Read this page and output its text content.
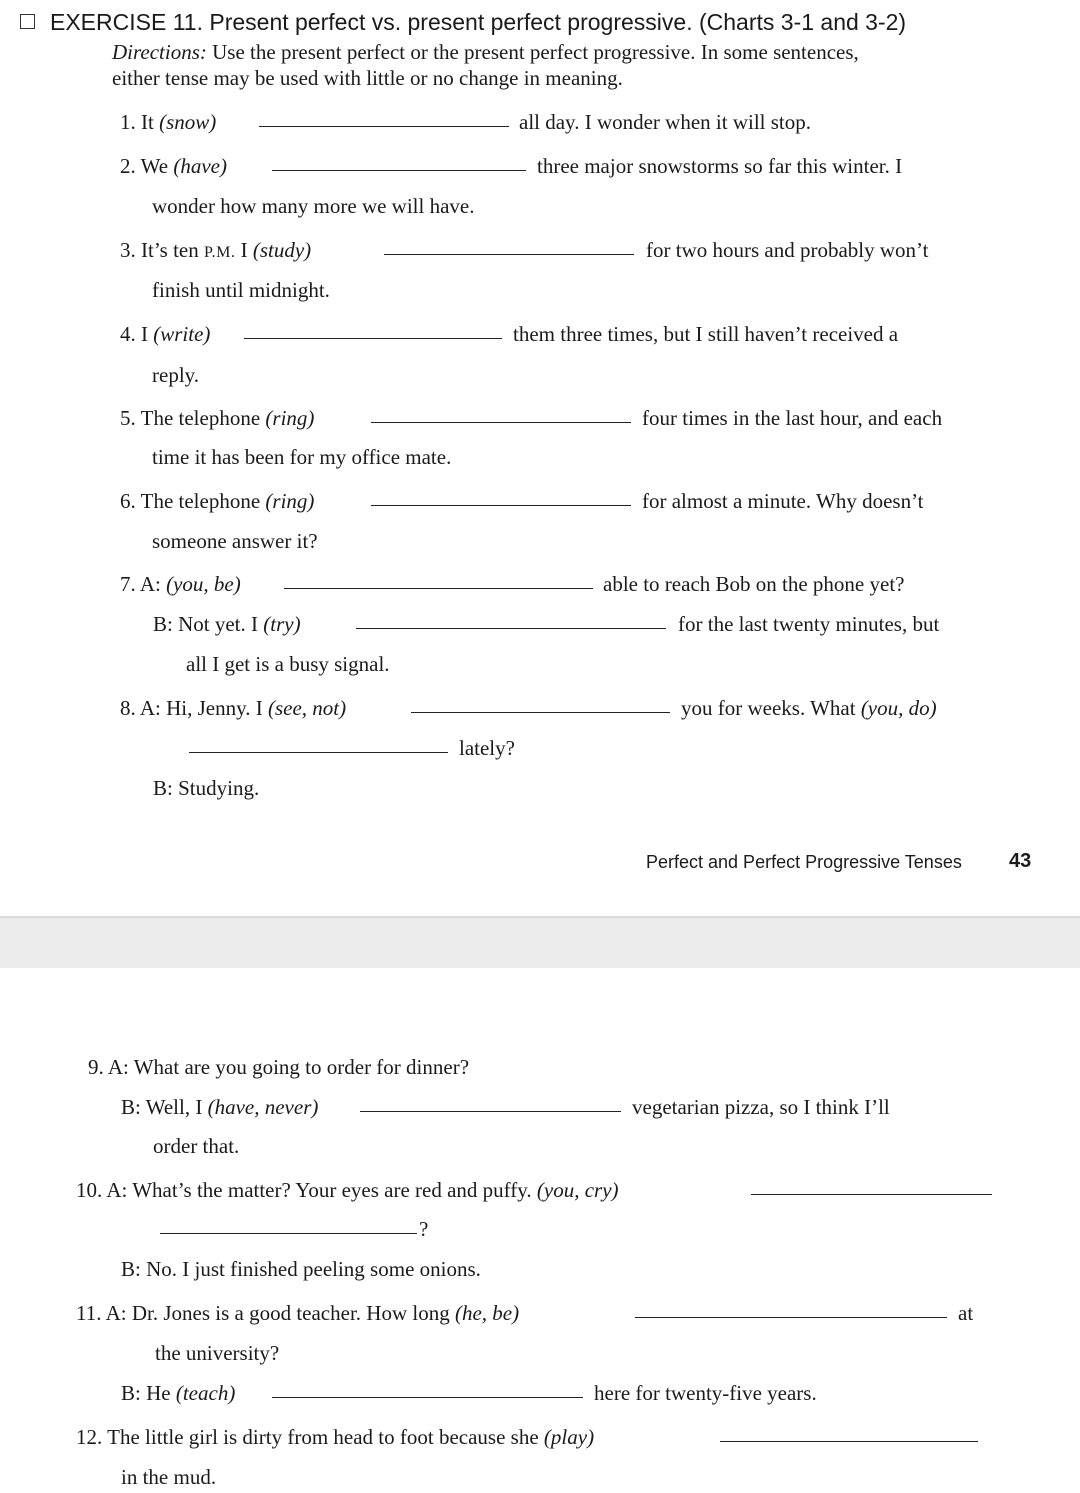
EXERCISE 11. Present perfect vs. present perfect progressive. (Charts 3-1 and 3-2)
Directions: Use the present perfect or the present perfect progressive. In some sentences,
either tense may be used with little or no change in meaning.
1. It (snow)	all day. I wonder when it will stop.
2. We (have)	three major snowstorms so far this winter. I
wonder how many more we will have.
3. It’s ten P.M. I (study)	for two hours and probably won’t
finish until midnight.
4. I (write)	them three times, but I still haven’t received a
reply.
5. The telephone (ring)	four times in the last hour, and each
time it has been for my office mate.
6. The telephone (ring)	for almost a minute. Why doesn’t
someone answer it?
7. A: (you, be)	able to reach Bob on the phone yet?
B: Not yet. I (try)	for the last twenty minutes, but
all I get is a busy signal.
8. A: Hi, Jenny. I (see, not)	you for weeks. What (you, do)
lately?
B: Studying.
Perfect and Perfect Progressive Tenses 43
9. A: What are you going to order for dinner?
B: Well, I (have, never)	vegetarian pizza, so I think I’ll
order that.
10. A: What’s the matter? Your eyes are red and puffy. (you, cry)
?
B: No. I just finished peeling some onions.
11. A: Dr. Jones is a good teacher. How long (he, be)	at
the university?
B: He (teach)	here for twenty-five years.
12. The little girl is dirty from head to foot because she (play)
in the mud.
